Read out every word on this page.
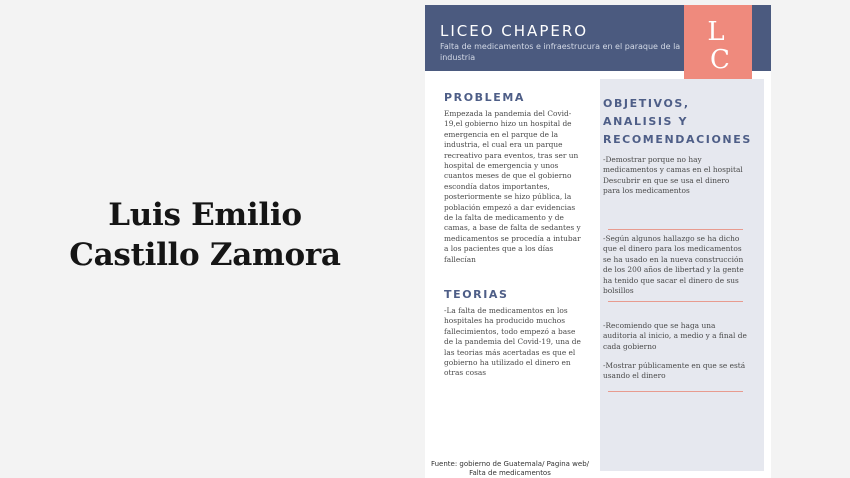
Luis Emilio
Castillo Zamora
LICEO CHAPERO
Falta de medicamentos e infraestrucura en el paraque de la industria
L
C
PROBLEMA
Empezada la pandemia del Covid-19,el gobierno hizo un hospital de emergencia en el parque de la industria, el cual era un parque recreativo para eventos, tras ser un hospital de emergencia y unos cuantos meses de que el gobierno escondía datos importantes, posteriormente se hizo pública, la población empezó a dar evidencias de la falta de medicamento y de camas, a base de falta de sedantes y medicamentos se procedía a intubar a los pacientes que a los días fallecían
TEORIAS
-La falta de medicamentos en los hospitales ha producido muchos fallecimientos, todo empezó a base de la pandemia del Covid-19, una de las teorias más acertadas es que el gobierno ha utilizado el dinero en otras cosas
OBJETIVOS,
ANALISIS Y
RECOMENDACIONES
-Demostrar porque no hay medicamentos y camas en el hospital Descubrir en que se usa el dinero para los medicamentos
-Según algunos hallazgo se ha dicho que el dinero para los medicamentos se ha usado en la nueva construcción de los 200 años de libertad y la gente ha tenido que sacar el dinero de sus bolsillos
-Recomiendo que se haga una auditoria al inicio, a medio y a final de cada gobierno
-Mostrar públicamente en que se está usando el dinero
Fuente: gobierno de Guatemala/ Pagina web/ Falta de medicamentos
